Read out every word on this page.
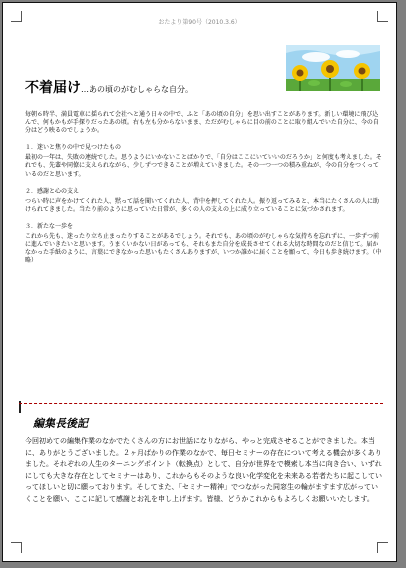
おたより第90号（2010.3.6）
不着届け…あの頃のがむしゃらな自分。

毎朝６時半、満員電車に揺られて会社へと通う日々の中で、ふと「あの頃の自分」を思い出すことがあります。新しい環境に飛び込んで、何もかもが手探りだったあの頃。右も左も分からないまま、ただがむしゃらに目の前のことに取り組んでいた自分に、今の自分はどう映るのでしょうか。

１．迷いと焦りの中で見つけたもの

最初の一年は、失敗の連続でした。思うようにいかないことばかりで、「自分はここにいていいのだろうか」と何度も考えました。それでも、先輩や同僚に支えられながら、少しずつできることが増えていきました。その一つ一つの積み重ねが、今の自分をつくっているのだと思います。

２．感謝と心の支え

つらい時に声をかけてくれた人、黙って話を聞いてくれた人、背中を押してくれた人。振り返ってみると、本当にたくさんの人に助けられてきました。当たり前のように思っていた日常が、多くの人の支えの上に成り立っていることに気づかされます。

３．新たな一歩を

これから先も、迷ったり立ち止まったりすることがあるでしょう。それでも、あの頃のがむしゃらな気持ちを忘れずに、一歩ずつ前に進んでいきたいと思います。うまくいかない日があっても、それもまた自分を成長させてくれる大切な時間なのだと信じて。届かなかった手紙のように、言葉にできなかった思いもたくさんありますが、いつか誰かに届くことを願って、今日も歩き続けます。（中略）

編集長後記

今回初めての編集作業のなかでたくさんの方にお世話になりながら、やっと完成させることができました。本当に、ありがとうございました。２ヶ月ばかりの作業のなかで、毎日セミナーの存在について考える機会が多くありました。それぞれの人生のターニングポイント（転換点）として、自分が世界をで模索し本当に向き合い、いずれにしても大きな存在としてセミナーはあり、これからもそのような良い化学変化を未来ある若者たちに起こしていってほしいと切に願っております。そしてまた、「セミナー精神」でつながった同窓生の輪がますます広がっていくことを願い、ここに記して感謝とお礼を申し上げます。皆様、どうかこれからもよろしくお願いいたします。
